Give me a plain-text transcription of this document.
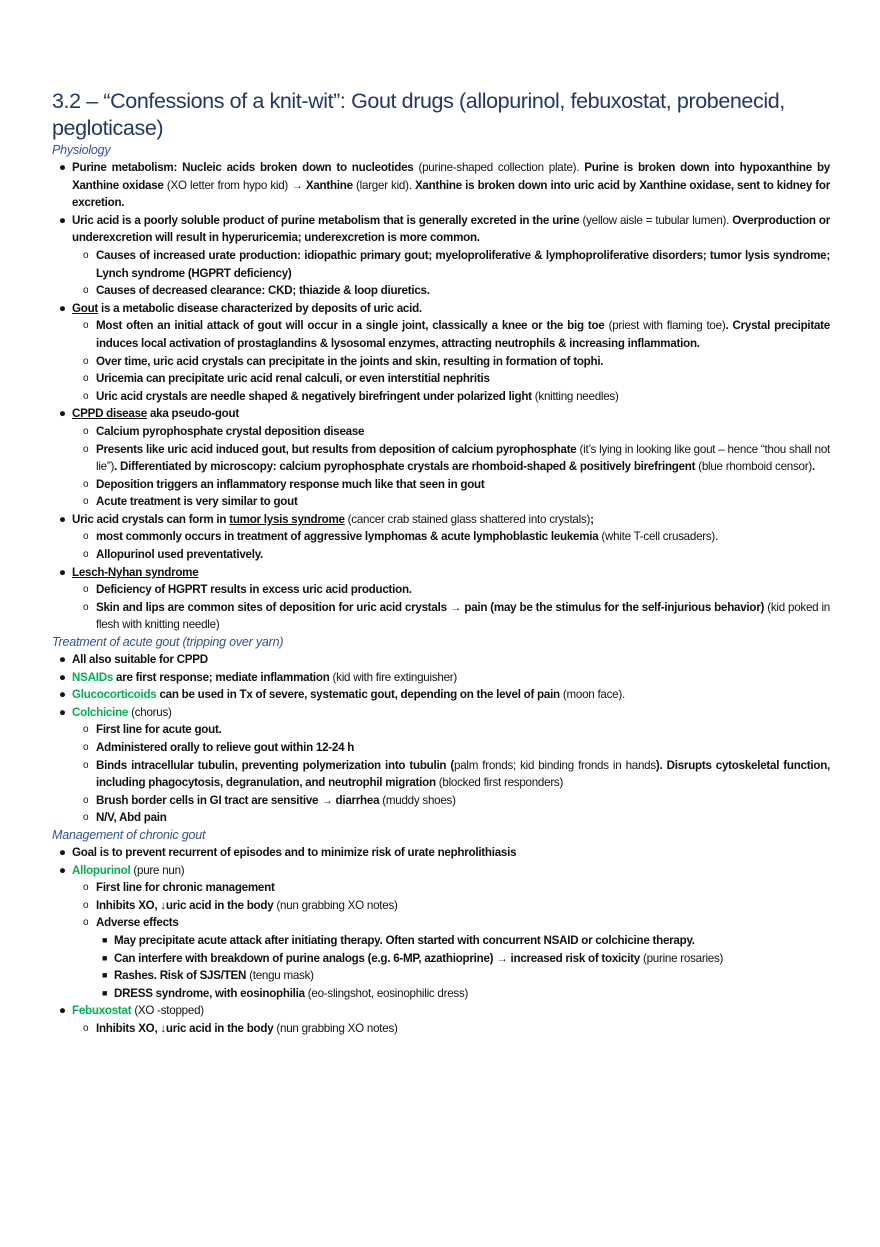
3.2 – “Confessions of a knit-wit”: Gout drugs (allopurinol, febuxostat, probenecid, pegloticase)
Physiology
● Purine metabolism: Nucleic acids broken down to nucleotides (purine-shaped collection plate). Purine is broken down into hypoxanthine by Xanthine oxidase (XO letter from hypo kid) → Xanthine (larger kid). Xanthine is broken down into uric acid by Xanthine oxidase, sent to kidney for excretion.
● Uric acid is a poorly soluble product of purine metabolism that is generally excreted in the urine (yellow aisle = tubular lumen). Overproduction or underexcretion will result in hyperuricemia; underexcretion is more common.
o Causes of increased urate production: idiopathic primary gout; myeloproliferative & lymphoproliferative disorders; tumor lysis syndrome; Lynch syndrome (HGPRT deficiency)
o Causes of decreased clearance: CKD; thiazide & loop diuretics.
● Gout is a metabolic disease characterized by deposits of uric acid.
o Most often an initial attack of gout will occur in a single joint, classically a knee or the big toe (priest with flaming toe). Crystal precipitate induces local activation of prostaglandins & lysosomal enzymes, attracting neutrophils & increasing inflammation.
o Over time, uric acid crystals can precipitate in the joints and skin, resulting in formation of tophi.
o Uricemia can precipitate uric acid renal calculi, or even interstitial nephritis
o Uric acid crystals are needle shaped & negatively birefringent under polarized light (knitting needles)
● CPPD disease aka pseudo-gout
o Calcium pyrophosphate crystal deposition disease
o Presents like uric acid induced gout, but results from deposition of calcium pyrophosphate (it’s lying in looking like gout – hence “thou shall not lie”). Differentiated by microscopy: calcium pyrophosphate crystals are rhomboid-shaped & positively birefringent (blue rhomboid censor).
o Deposition triggers an inflammatory response much like that seen in gout
o Acute treatment is very similar to gout
● Uric acid crystals can form in tumor lysis syndrome (cancer crab stained glass shattered into crystals);
o most commonly occurs in treatment of aggressive lymphomas & acute lymphoblastic leukemia (white T-cell crusaders).
o Allopurinol used preventatively.
● Lesch-Nyhan syndrome
o Deficiency of HGPRT results in excess uric acid production.
o Skin and lips are common sites of deposition for uric acid crystals → pain (may be the stimulus for the self-injurious behavior) (kid poked in flesh with knitting needle)
Treatment of acute gout (tripping over yarn)
● All also suitable for CPPD
● NSAIDs are first response; mediate inflammation (kid with fire extinguisher)
● Glucocorticoids can be used in Tx of severe, systematic gout, depending on the level of pain (moon face).
● Colchicine (chorus)
o First line for acute gout.
o Administered orally to relieve gout within 12-24 h
o Binds intracellular tubulin, preventing polymerization into tubulin (palm fronds; kid binding fronds in hands). Disrupts cytoskeletal function, including phagocytosis, degranulation, and neutrophil migration (blocked first responders)
o Brush border cells in GI tract are sensitive → diarrhea (muddy shoes)
o N/V, Abd pain
Management of chronic gout
● Goal is to prevent recurrent of episodes and to minimize risk of urate nephrolithiasis
● Allopurinol (pure nun)
o First line for chronic management
o Inhibits XO, ↓uric acid in the body (nun grabbing XO notes)
o Adverse effects
■ May precipitate acute attack after initiating therapy. Often started with concurrent NSAID or colchicine therapy.
■ Can interfere with breakdown of purine analogs (e.g. 6-MP, azathioprine) → increased risk of toxicity (purine rosaries)
■ Rashes. Risk of SJS/TEN (tengu mask)
■ DRESS syndrome, with eosinophilia (eo-slingshot, eosinophilic dress)
● Febuxostat (XO -stopped)
o Inhibits XO, ↓uric acid in the body (nun grabbing XO notes)
